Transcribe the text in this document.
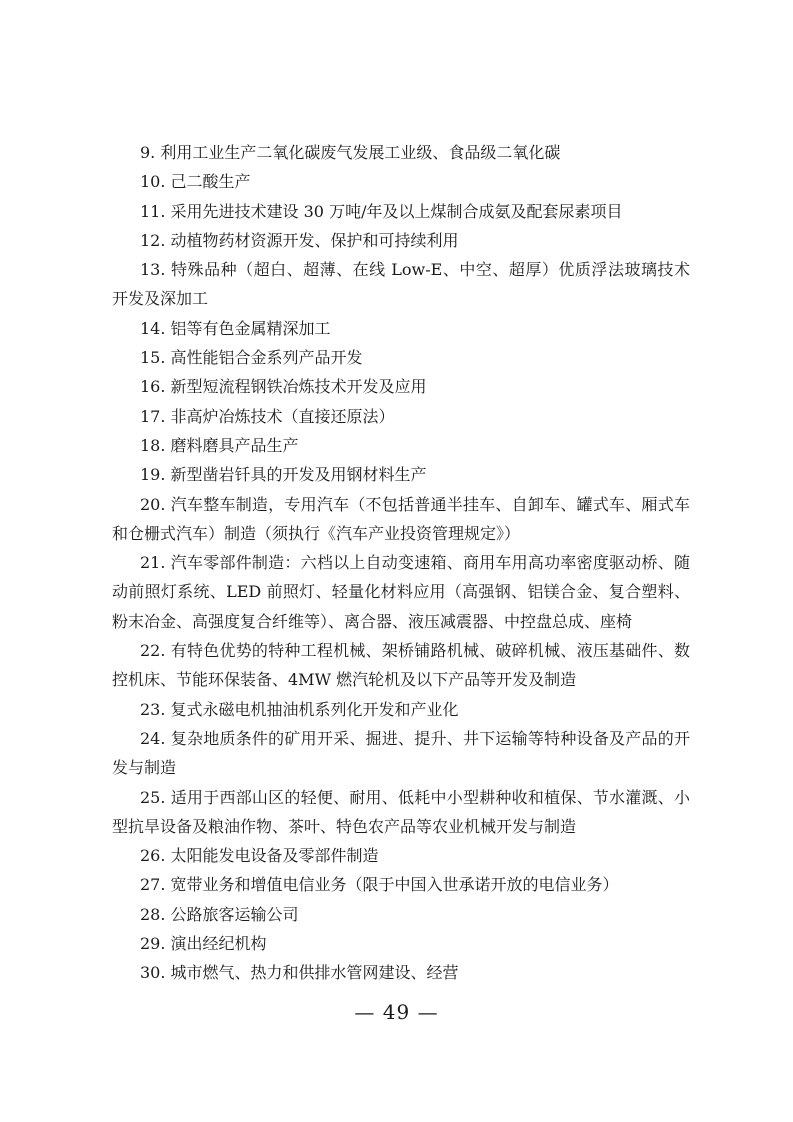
9. 利用工业生产二氧化碳废气发展工业级、食品级二氧化碳

10. 己二酸生产

11. 采用先进技术建设 30 万吨/年及以上煤制合成氨及配套尿素项目

12. 动植物药材资源开发、保护和可持续利用

13. 特殊品种（超白、超薄、在线 Low-E、中空、超厚）优质浮法玻璃技术开发及深加工

14. 铝等有色金属精深加工

15. 高性能铝合金系列产品开发

16. 新型短流程钢铁冶炼技术开发及应用

17. 非高炉冶炼技术（直接还原法）

18. 磨料磨具产品生产

19. 新型凿岩钎具的开发及用钢材料生产

20. 汽车整车制造，专用汽车（不包括普通半挂车、自卸车、罐式车、厢式车和仓栅式汽车）制造（须执行《汽车产业投资管理规定》）

21. 汽车零部件制造：六档以上自动变速箱、商用车用高功率密度驱动桥、随动前照灯系统、LED 前照灯、轻量化材料应用（高强钢、铝镁合金、复合塑料、粉末冶金、高强度复合纤维等）、离合器、液压减震器、中控盘总成、座椅

22. 有特色优势的特种工程机械、架桥铺路机械、破碎机械、液压基础件、数控机床、节能环保装备、4MW 燃汽轮机及以下产品等开发及制造

23. 复式永磁电机抽油机系列化开发和产业化

24. 复杂地质条件的矿用开采、掘进、提升、井下运输等特种设备及产品的开发与制造

25. 适用于西部山区的轻便、耐用、低耗中小型耕种收和植保、节水灌溉、小型抗旱设备及粮油作物、茶叶、特色农产品等农业机械开发与制造

26. 太阳能发电设备及零部件制造

27. 宽带业务和增值电信业务（限于中国入世承诺开放的电信业务）

28. 公路旅客运输公司

29. 演出经纪机构

30. 城市燃气、热力和供排水管网建设、经营

— 49 —
